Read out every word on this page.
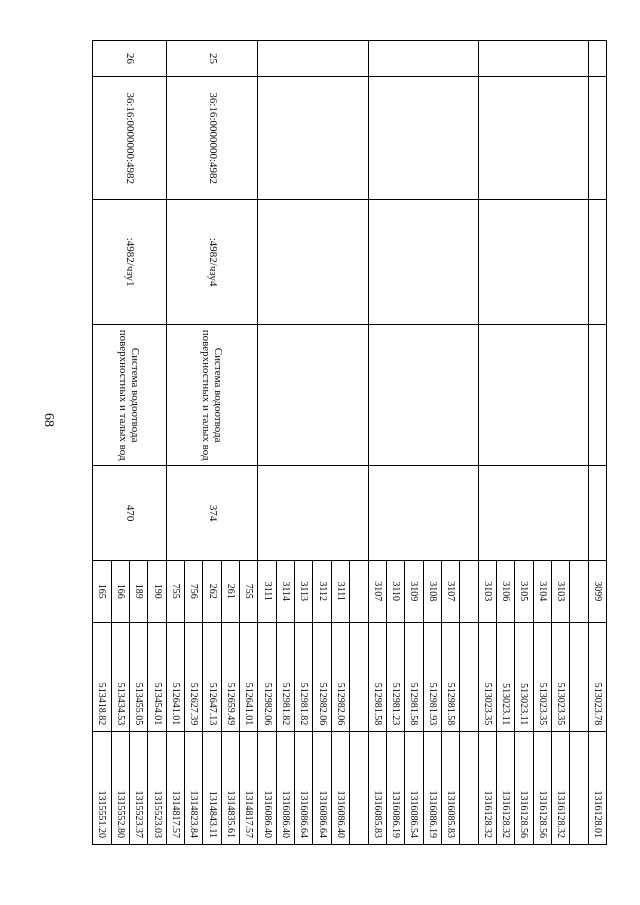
68
					3099	513023.78	1316128.01

					3103	513023.35	1316128.32
					3104	513023.35	1316128.56
					3105	513023.11	1316128.56
					3106	513023.11	1316128.32
					3103	513023.35	1316128.32

					3107	512981.58	1316085.83
					3108	512981.93	1316086.19
					3109	512981.58	1316086.54
					3110	512981.23	1316086.19
					3107	512981.58	1316085.83

					3111	512982.06	1316086.40
					3112	512982.06	1316086.64
					3113	512981.82	1316086.64
					3114	512981.82	1316086.40
					3111	512982.06	1316086.40
25	36:16:0000000:4982	:4982/чзу4	Система водоотвода поверхностных и талых вод	374	755	512641.01	1314817.57
					261	512659.49	1314835.61
					262	512647.13	1314843.11
					756	512627.39	1314823.84
					755	512641.01	1314817.57
26	36:16:0000000:4982	:4982/чзу1	Система водоотвода поверхностных и талых вод	470	190	513454.01	1315523.03
					189	513455.05	1315523.37
					166	513434.53	1315552.80
					165	513418.82	1315551.20
